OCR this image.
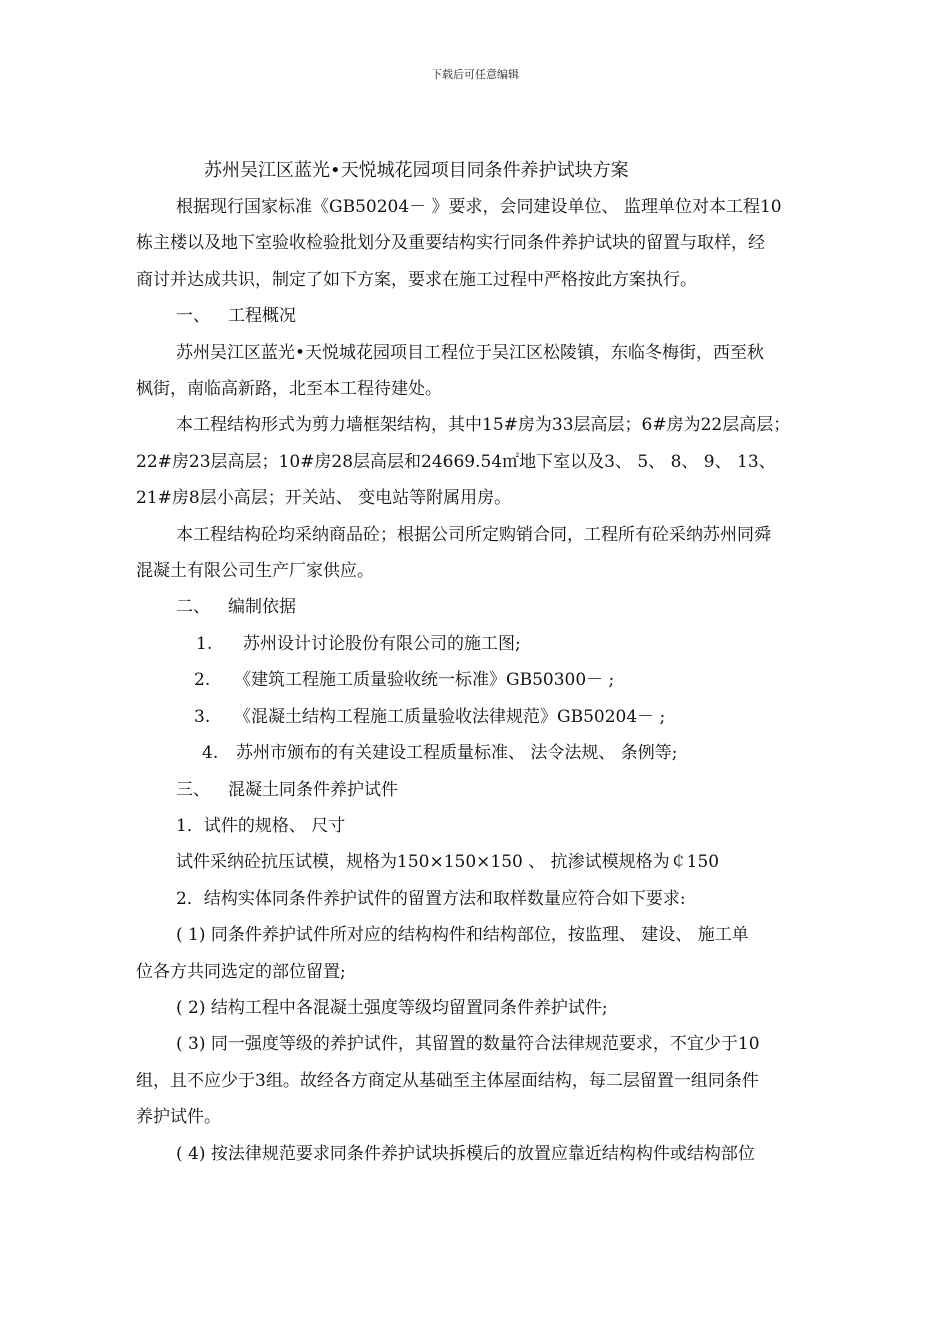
下载后可任意编辑
苏州吴江区蓝光•天悦城花园项目同条件养护试块方案
根据现行国家标准《GB50204－ 》要求，会同建设单位、 监理单位对本工程10
栋主楼以及地下室验收检验批划分及重要结构实行同条件养护试块的留置与取样，经
商讨并达成共识，制定了如下方案，要求在施工过程中严格按此方案执行。
一、 工程概况
苏州吴江区蓝光•天悦城花园项目工程位于吴江区松陵镇，东临冬梅街，西至秋
枫街，南临高新路，北至本工程待建处。
本工程结构形式为剪力墙框架结构，其中15#房为33层高层；6#房为22层高层；
22#房23层高层；10#房28层高层和24669.54㎡地下室以及3、 5、 8、 9、 13、
21#房8层小高层；开关站、 变电站等附属用房。
本工程结构砼均采纳商品砼；根据公司所定购销合同，工程所有砼采纳苏州同舜
混凝土有限公司生产厂家供应。
二、 编制依据
1. 苏州设计讨论股份有限公司的施工图;
2. 《建筑工程施工质量验收统一标准》GB50300－ ;
3. 《混凝土结构工程施工质量验收法律规范》GB50204－ ;
4. 苏州市颁布的有关建设工程质量标准、 法令法规、 条例等;
三、 混凝土同条件养护试件
1．试件的规格、 尺寸
试件采纳砼抗压试模，规格为150×150×150 、 抗渗试模规格为￠150
2．结构实体同条件养护试件的留置方法和取样数量应符合如下要求:
( 1) 同条件养护试件所对应的结构构件和结构部位，按监理、 建设、 施工单
位各方共同选定的部位留置;
( 2) 结构工程中各混凝土强度等级均留置同条件养护试件;
( 3) 同一强度等级的养护试件，其留置的数量符合法律规范要求，不宜少于10
组，且不应少于3组。故经各方商定从基础至主体屋面结构，每二层留置一组同条件
养护试件。
( 4) 按法律规范要求同条件养护试块拆模后的放置应靠近结构构件或结构部位
